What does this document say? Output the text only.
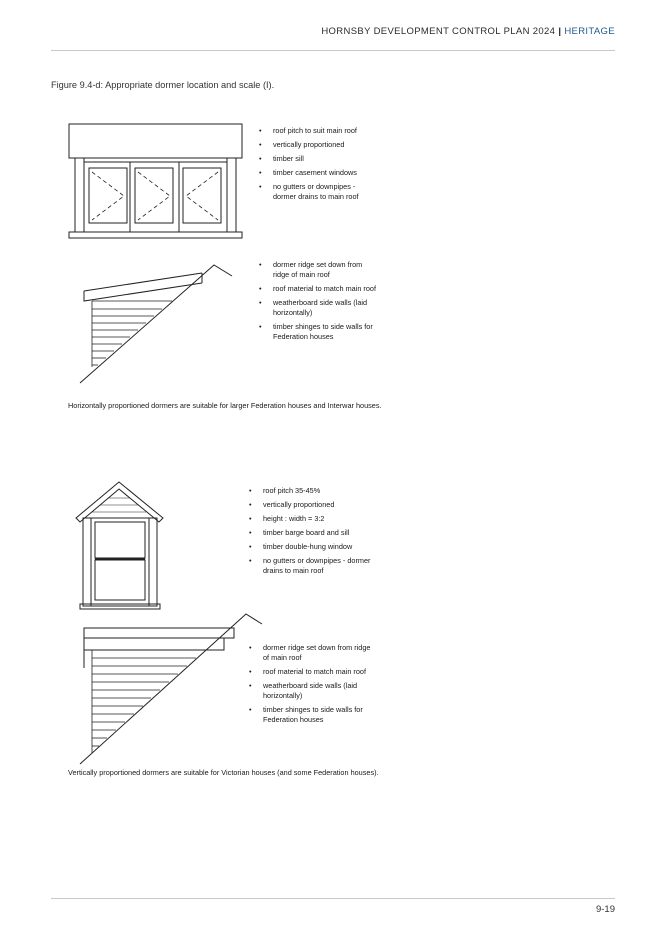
HORNSBY DEVELOPMENT CONTROL PLAN 2024 | HERITAGE
Figure 9.4-d: Appropriate dormer location and scale (I).
• roof pitch to suit main roof
• vertically proportioned
• timber sill
• timber casement windows
• no gutters or downpipes - dormer drains to main roof
• dormer ridge set down from ridge of main roof
• roof material to match main roof
• weatherboard side walls (laid horizontally)
• timber shinges to side walls for Federation houses
Horizontally proportioned dormers are suitable for larger Federation houses and Interwar houses.
• roof pitch 35-45%
• vertically proportioned
• height : width = 3:2
• timber barge board and sill
• timber double-hung window
• no gutters or downpipes - dormer drains to main roof
• dormer ridge set down from ridge of main roof
• roof material to match main roof
• weatherboard side walls (laid horizontally)
• timber shinges to side walls for Federation houses
Vertically proportioned dormers are suitable for Victorian houses (and some Federation houses).
9-19
